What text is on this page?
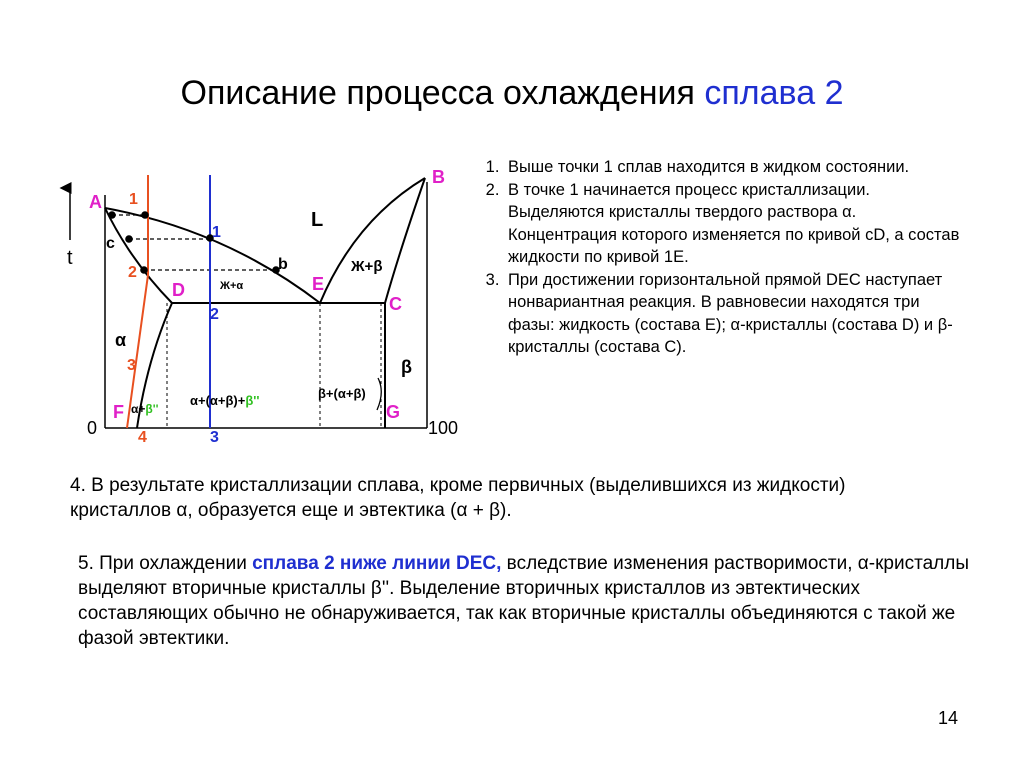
Описание процесса охлаждения сплава 2
t
A
B
C
D	E
F	G
c
b
0	100
1
2
3
4
1
2
3
L
Ж+β
Ж+α
α
β
α+β''
α+(α+β)+β''	β+(α+β)
1. Выше точки 1 сплав находится в жидком состоянии.
2. В точке 1 начинается процесс кристаллизации. Выделяются кристаллы твердого раствора α. Концентрация которого изменяется по кривой cD, а состав жидкости по кривой 1E.
3. При достижении горизонтальной прямой DEC наступает нонвариантная реакция. В равновесии находятся три фазы: жидкость (состава E); α-кристаллы (состава D) и β-кристаллы (состава C).
4. В результате кристаллизации сплава, кроме первичных (выделившихся из жидкости) кристаллов α, образуется еще и эвтектика (α + β).
5. При охлаждении сплава 2 ниже линии DEC, вследствие изменения растворимости, α-кристаллы выделяют вторичные кристаллы β''. Выделение вторичных кристаллов из эвтектических составляющих обычно не обнаруживается, так как вторичные кристаллы объединяются с такой же фазой эвтектики.
14
